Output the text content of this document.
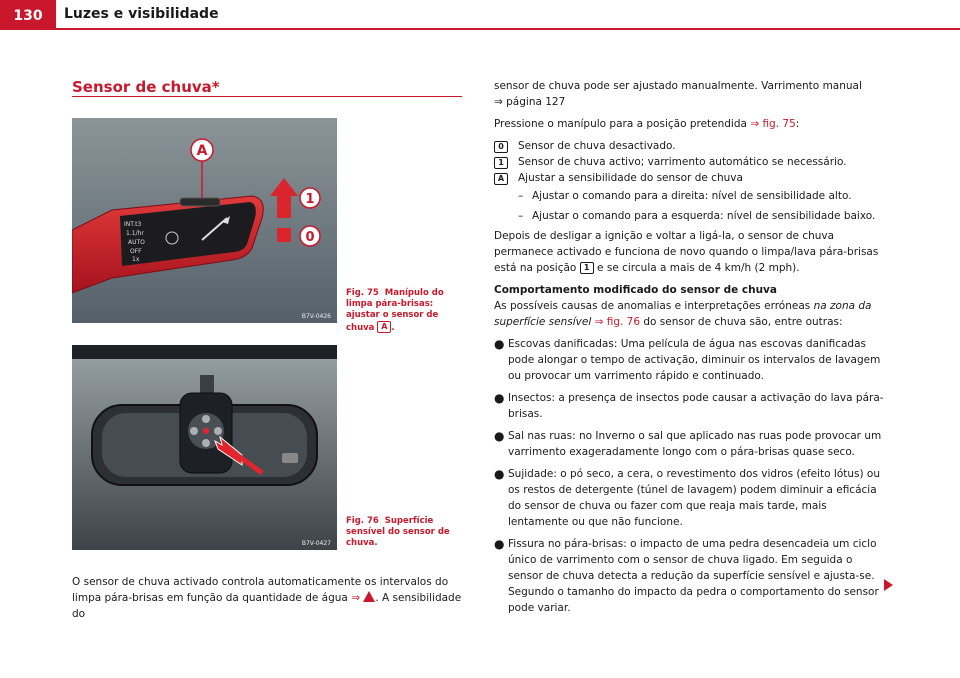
130	Luzes e visibilidade
Sensor de chuva*
INT.t3
1.1/hr
AUTO
OFF
1x
A
1
0
B7V-0426
Fig. 75 Manípulo do limpa pára-brisas: ajustar o sensor de chuva A .
B7V-0427
Fig. 76 Superfície sensível do sensor de chuva.
O sensor de chuva activado controla automaticamente os intervalos do limpa pára-brisas em função da quantidade de água ⇒ . A sensibilidade do

sensor de chuva pode ser ajustado manualmente. Varrimento manual
⇒ página 127

Pressione o manípulo para a posição pretendida ⇒ fig. 75:

0	Sensor de chuva desactivado.
1	Sensor de chuva activo; varrimento automático se necessário.
A	Ajustar a sensibilidade do sensor de chuva
– Ajustar o comando para a direita: nível de sensibilidade alto.
– Ajustar o comando para a esquerda: nível de sensibilidade baixo.

Depois de desligar a ignição e voltar a ligá-la, o sensor de chuva permanece activado e funciona de novo quando o limpa/lava pára-brisas está na posição 1 e se circula a mais de 4 km/h (2 mph).

Comportamento modificado do sensor de chuva

As possíveis causas de anomalias e interpretações erróneas na zona da superfície sensível ⇒ fig. 76 do sensor de chuva são, entre outras:

● Escovas danificadas: Uma película de água nas escovas danificadas pode alongar o tempo de activação, diminuir os intervalos de lavagem ou provocar um varrimento rápido e continuado.
● Insectos: a presença de insectos pode causar a activação do lava pára-brisas.
● Sal nas ruas: no Inverno o sal que aplicado nas ruas pode provocar um varrimento exageradamente longo com o pára-brisas quase seco.
● Sujidade: o pó seco, a cera, o revestimento dos vidros (efeito lótus) ou os restos de detergente (túnel de lavagem) podem diminuir a eficácia do sensor de chuva ou fazer com que reaja mais tarde, mais lentamente ou que não funcione.
● Fissura no pára-brisas: o impacto de uma pedra desencadeia um ciclo único de varrimento com o sensor de chuva ligado. Em seguida o sensor de chuva detecta a redução da superfície sensível e ajusta-se. Segundo o tamanho do impacto da pedra o comportamento do sensor pode variar.
